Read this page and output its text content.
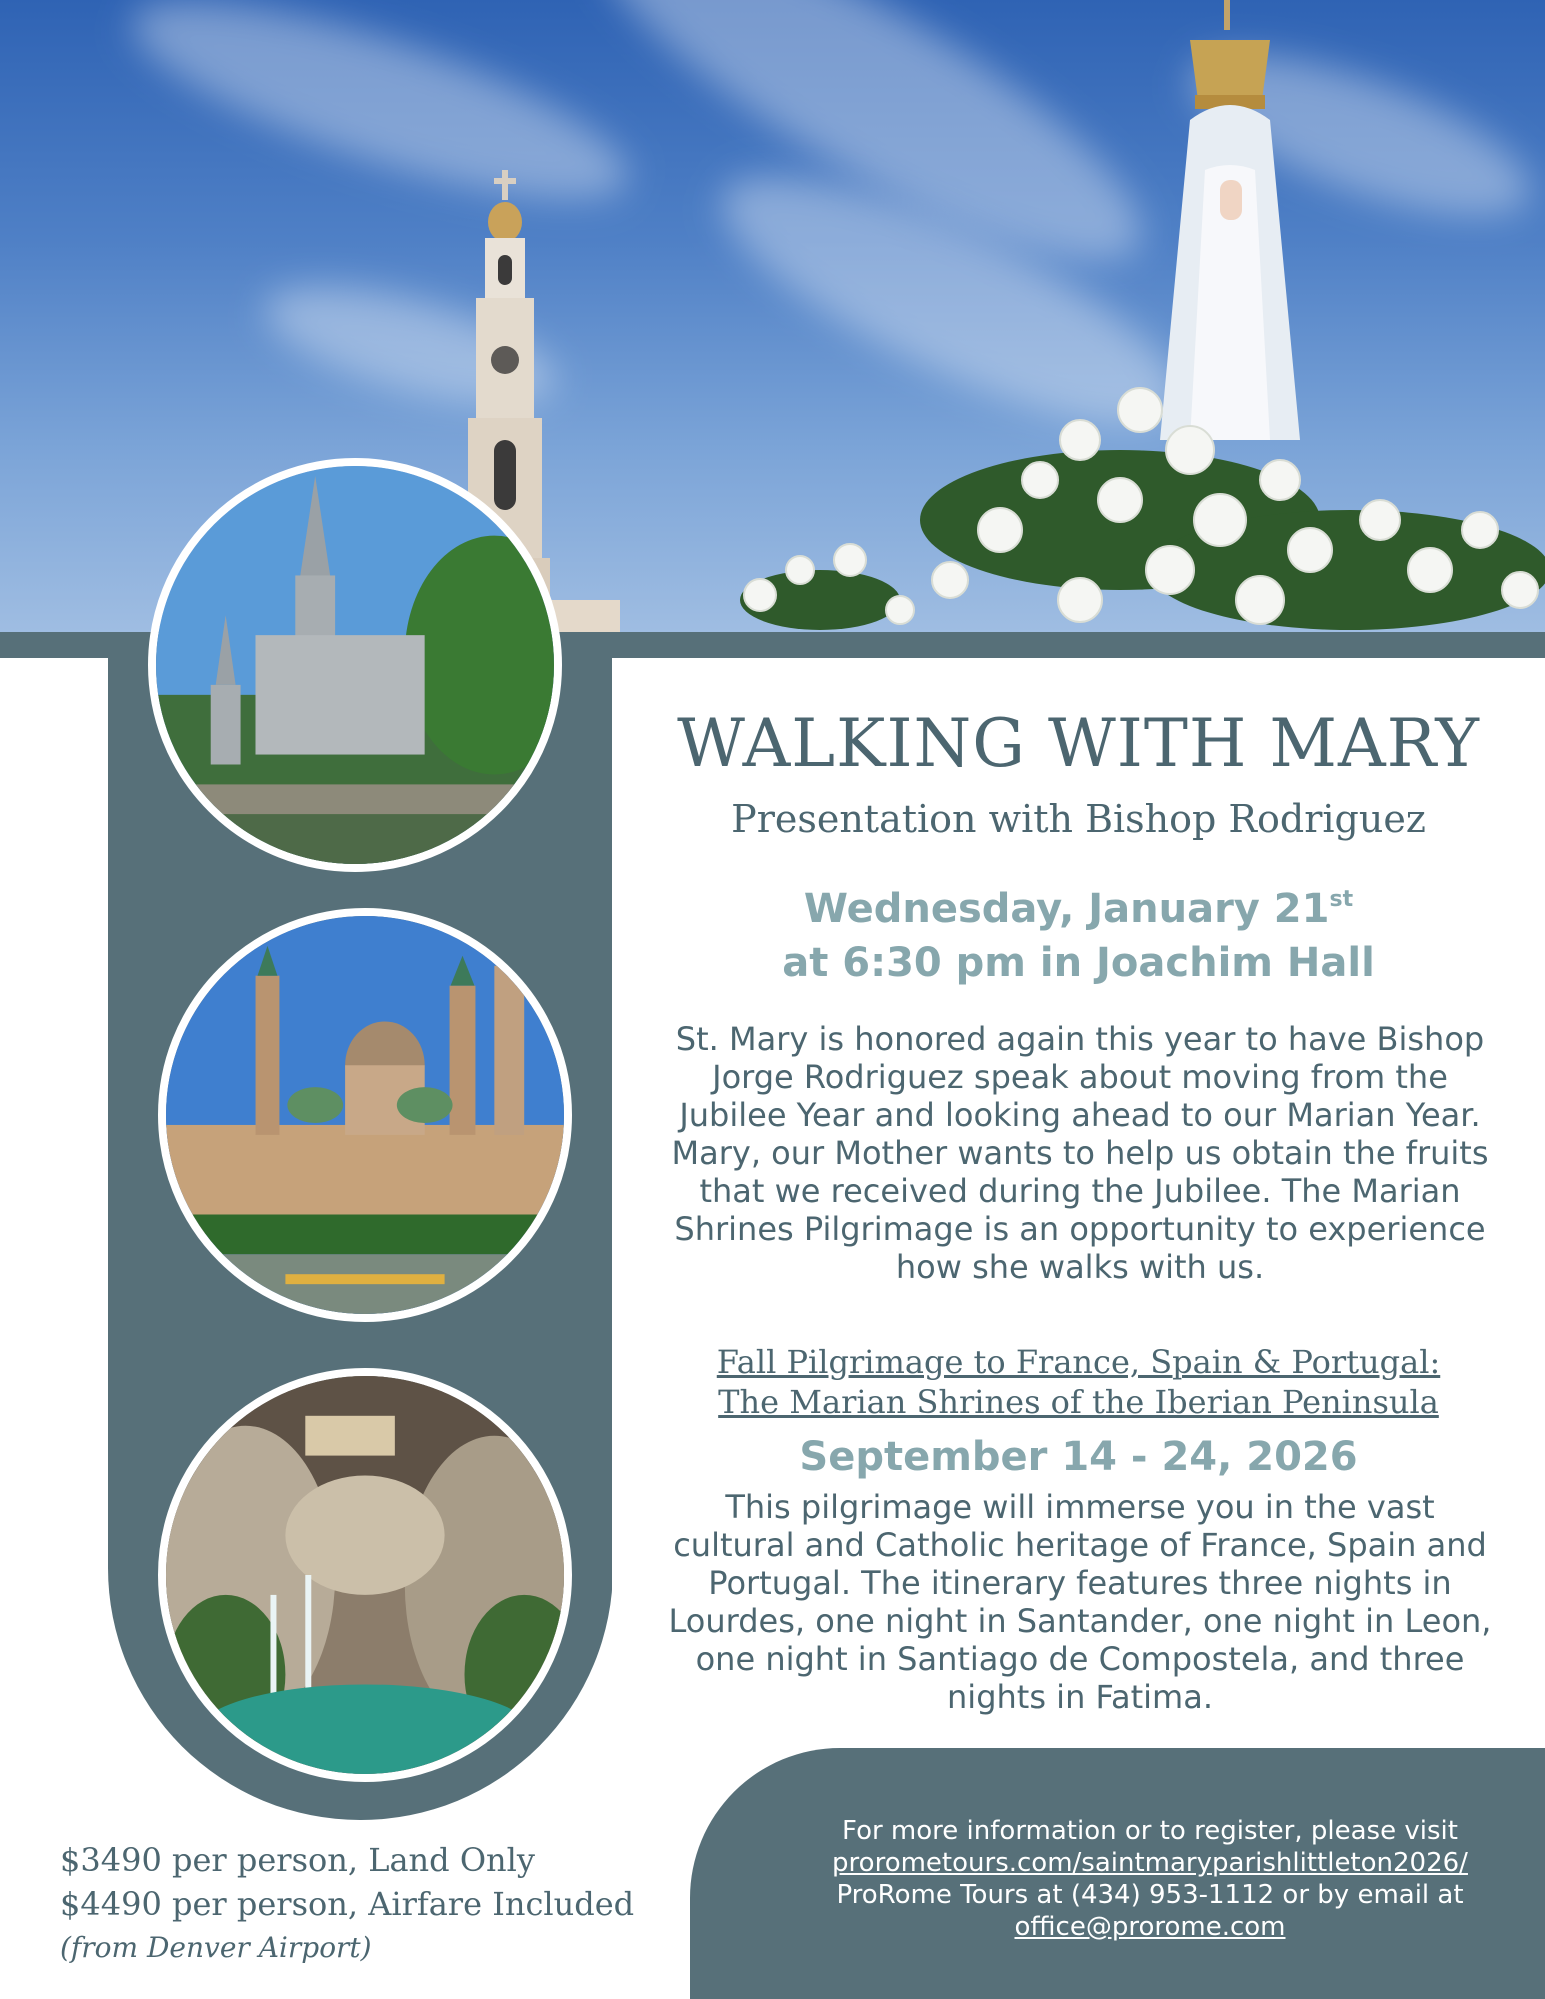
WALKING WITH MARY
Presentation with Bishop Rodriguez
Wednesday, January 21st
at 6:30 pm in Joachim Hall
St. Mary is honored again this year to have Bishop
Jorge Rodriguez speak about moving from the
Jubilee Year and looking ahead to our Marian Year.
Mary, our Mother wants to help us obtain the fruits
that we received during the Jubilee. The Marian
Shrines Pilgrimage is an opportunity to experience
how she walks with us.
Fall Pilgrimage to France, Spain & Portugal:
The Marian Shrines of the Iberian Peninsula
September 14 - 24, 2026
This pilgrimage will immerse you in the vast
cultural and Catholic heritage of France, Spain and
Portugal. The itinerary features three nights in
Lourdes, one night in Santander, one night in Leon,
one night in Santiago de Compostela, and three
nights in Fatima.
$3490 per person, Land Only
$4490 per person, Airfare Included
(from Denver Airport)
For more information or to register, please visit
prorometours.com/saintmaryparishlittleton2026/
ProRome Tours at (434) 953-1112 or by email at
office@prorome.com
